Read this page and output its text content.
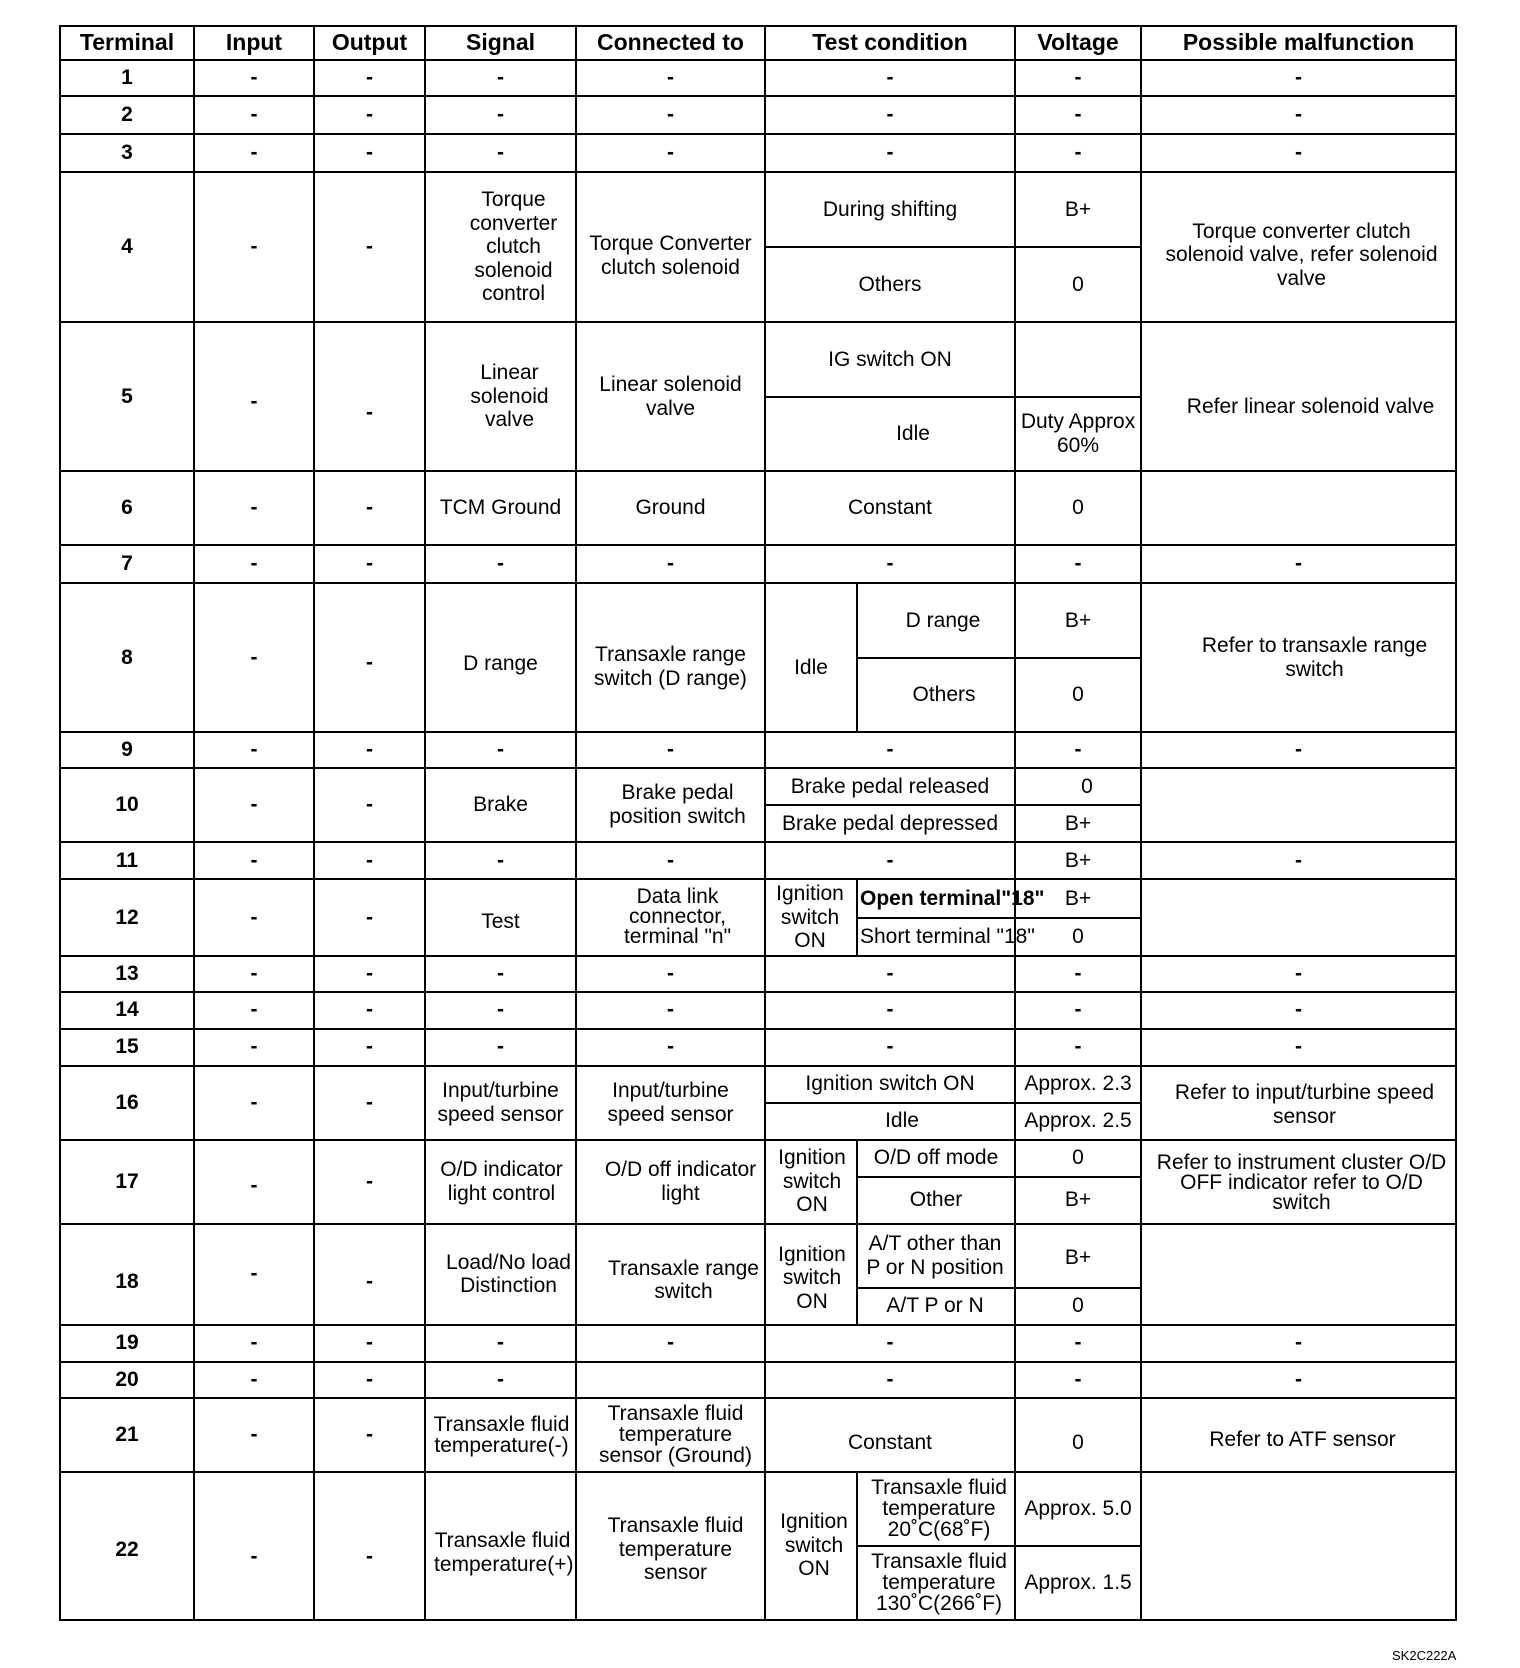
Terminal	Input	Output	Signal	Connected to	Test condition		Voltage	Possible malfunction
1	-	-	-	-	-		-	-
2	-	-	-	-	-		-	-
3	-	-	-	-	-		-	-
4	-	-	Torque converter clutch solenoid control	Torque Converter clutch solenoid	During shifting		B+	Torque converter clutch solenoid valve, refer solenoid valve
					Others		0	
5	-	-	Linear solenoid valve	Linear solenoid valve	IG switch ON			Refer linear solenoid valve
					Idle		Duty Approx 60%	
6	-	-	TCM Ground	Ground	Constant		0	
7	-	-	-	-	-		-	-
8	-	-	D range	Transaxle range switch (D range)	Idle	D range	B+	Refer to transaxle range switch
						Others	0	
9	-	-	-	-	-		-	-
10	-	-	Brake	Brake pedal position switch	Brake pedal released		0	
					Brake pedal depressed		B+	
11	-	-	-	-	-		B+	-
12	-	-	Test	Data link connector, terminal "n"	Ignition switch ON	Open terminal"18"	B+	
						Short terminal "18"	0	
13	-	-	-	-	-		-	-
14	-	-	-	-	-		-	-
15	-	-	-	-	-		-	-
16	-	-	Input/turbine speed sensor	Input/turbine speed sensor	Ignition switch ON		Approx. 2.3	Refer to input/turbine speed sensor
					Idle		Approx. 2.5	
17	-	-	O/D indicator light control	O/D off indicator light	Ignition switch ON	O/D off mode	0	Refer to instrument cluster O/D OFF indicator refer to O/D switch
						Other	B+	
18	-	-	Load/No load Distinction	Transaxle range switch	Ignition switch ON	A/T other than P or N position	B+	
						A/T P or N	0	
19	-	-	-	-	-		-	-
20	-	-	-		-		-	-
21	-	-	Transaxle fluid temperature(-)	Transaxle fluid temperature sensor (Ground)	Constant		0	Refer to ATF sensor
22	-	-	Transaxle fluid temperature(+)	Transaxle fluid temperature sensor	Ignition switch ON	Transaxle fluid temperature 20˚C(68˚F)	Approx. 5.0	
						Transaxle fluid temperature 130˚C(266˚F)	Approx. 1.5	
SK2C222A
